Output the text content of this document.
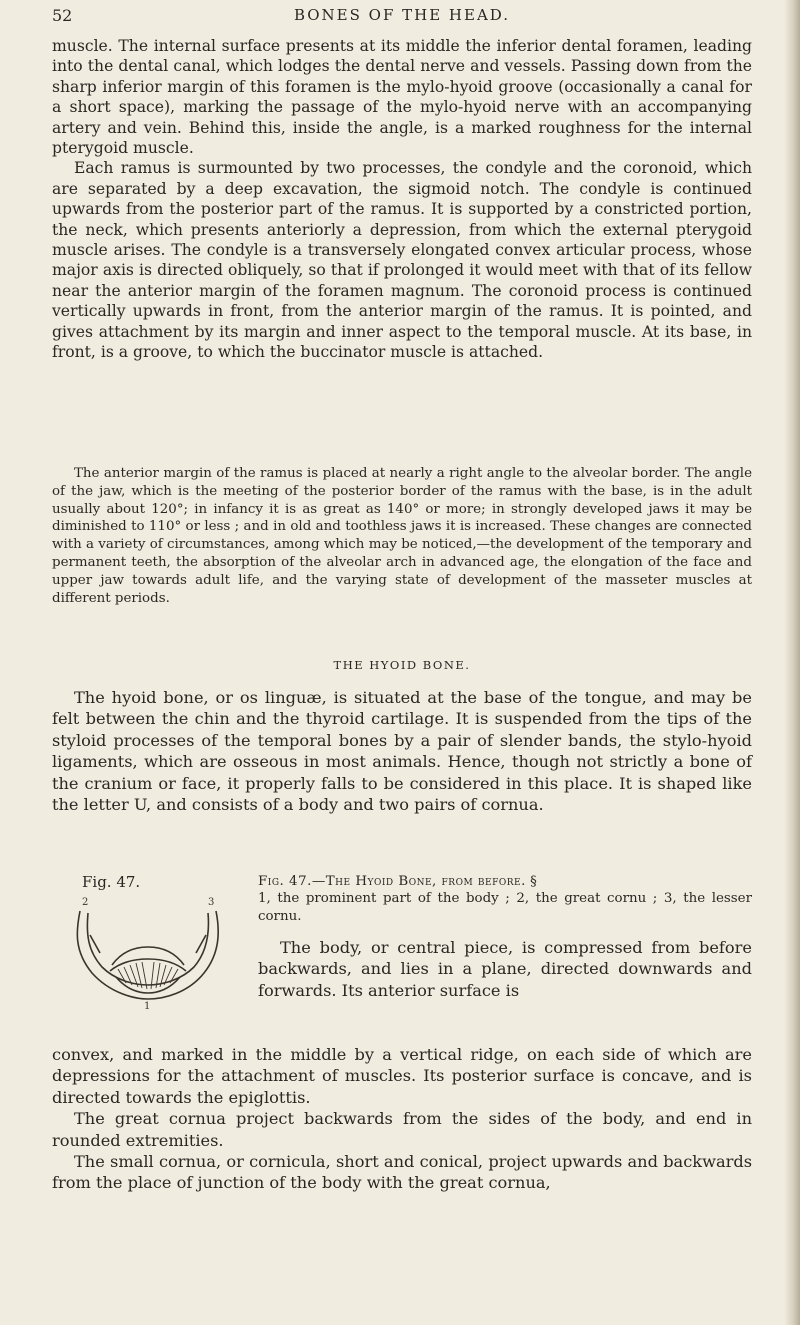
52	BONES OF THE HEAD.

muscle. The internal surface presents at its middle the inferior dental foramen, leading into the dental canal, which lodges the dental nerve and vessels. Passing down from the sharp inferior margin of this foramen is the mylo-hyoid groove (occasionally a canal for a short space), marking the passage of the mylo-hyoid nerve with an accompanying artery and vein. Behind this, inside the angle, is a marked roughness for the internal pterygoid muscle.

Each ramus is surmounted by two processes, the condyle and the coronoid, which are separated by a deep excavation, the sigmoid notch. The condyle is continued upwards from the posterior part of the ramus. It is supported by a constricted portion, the neck, which presents anteriorly a depression, from which the external pterygoid muscle arises. The condyle is a transversely elongated convex articular process, whose major axis is directed obliquely, so that if prolonged it would meet with that of its fellow near the anterior margin of the foramen magnum. The coronoid process is continued vertically upwards in front, from the anterior margin of the ramus. It is pointed, and gives attachment by its margin and inner aspect to the temporal muscle. At its base, in front, is a groove, to which the buccinator muscle is attached.

The anterior margin of the ramus is placed at nearly a right angle to the alveolar border. The angle of the jaw, which is the meeting of the posterior border of the ramus with the base, is in the adult usually about 120°; in infancy it is as great as 140° or more; in strongly developed jaws it may be diminished to 110° or less ; and in old and toothless jaws it is increased. These changes are connected with a variety of circumstances, among which may be noticed,—the development of the temporary and permanent teeth, the absorption of the alveolar arch in advanced age, the elongation of the face and upper jaw towards adult life, and the varying state of development of the masseter muscles at different periods.

THE HYOID BONE.

The hyoid bone, or os linguæ, is situated at the base of the tongue, and may be felt between the chin and the thyroid cartilage. It is suspended from the tips of the styloid processes of the temporal bones by a pair of slender bands, the stylo-hyoid ligaments, which are osseous in most animals. Hence, though not strictly a bone of the cranium or face, it properly falls to be considered in this place. It is shaped like the letter U, and consists of a body and two pairs of cornua.

Fig. 47.
2	3
1
Fig. 47.—The Hyoid Bone, from before. §
1, the prominent part of the body ; 2, the great cornu ; 3, the lesser cornu.

The body, or central piece, is compressed from before backwards, and lies in a plane, directed downwards and forwards. Its anterior surface is

convex, and marked in the middle by a vertical ridge, on each side of which are depressions for the attachment of muscles. Its posterior surface is concave, and is directed towards the epiglottis.

The great cornua project backwards from the sides of the body, and end in rounded extremities.

The small cornua, or cornicula, short and conical, project upwards and backwards from the place of junction of the body with the great cornua,
